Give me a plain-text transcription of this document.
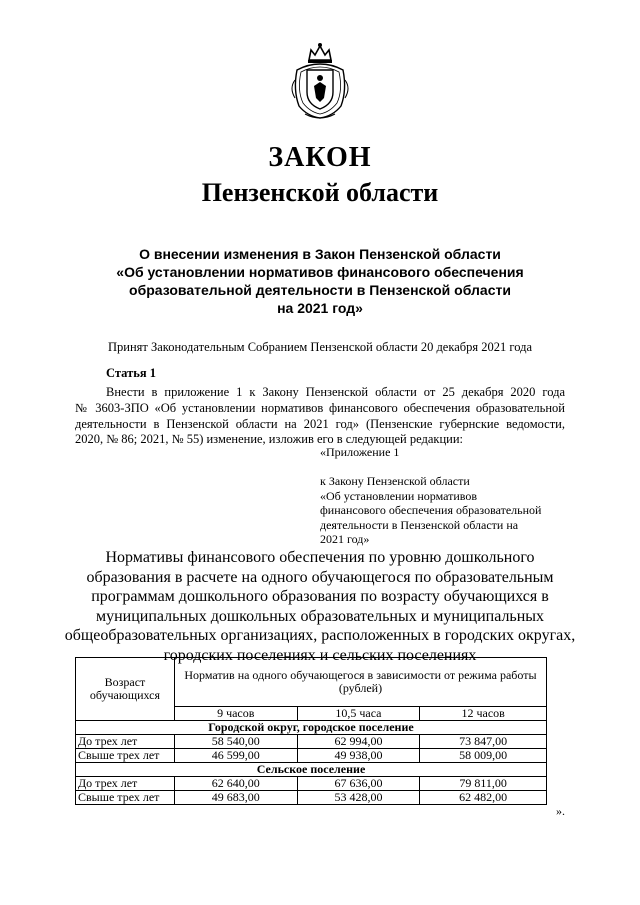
ЗАКОН
Пензенской области
О внесении изменения в Закон Пензенской области
«Об установлении нормативов финансового обеспечения
образовательной деятельности в Пензенской области
на 2021 год»
Принят Законодательным Собранием Пензенской области 20 декабря 2021 года
Статья 1
Внести в приложение 1 к Закону Пензенской области от 25 декабря 2020 года
№ 3603-ЗПО «Об установлении нормативов финансового обеспечения образовательной
деятельности в Пензенской области на 2021 год» (Пензенские губернские ведомости,
2020, № 86; 2021, № 55) изменение, изложив его в следующей редакции:
«Приложение 1
к Закону Пензенской области
«Об установлении нормативов
финансового обеспечения образовательной
деятельности в Пензенской области на
2021 год»
Нормативы финансового обеспечения по уровню дошкольного
образования в расчете на одного обучающегося по образовательным
программам дошкольного образования по возрасту обучающихся в
муниципальных дошкольных образовательных и муниципальных
общеобразовательных организациях, расположенных в городских округах,
городских поселениях и сельских поселениях
Возраст обучающихся	Норматив на одного обучающегося в зависимости от режима работы (рублей)		
	9 часов	10,5 часа	12 часов
Городской округ, городское поселение			
До трех лет	58 540,00	62 994,00	73 847,00
Свыше трех лет	46 599,00	49 938,00	58 009,00
Сельское поселение			
До трех лет	62 640,00	67 636,00	79 811,00
Свыше трех лет	49 683,00	53 428,00	62 482,00
».
